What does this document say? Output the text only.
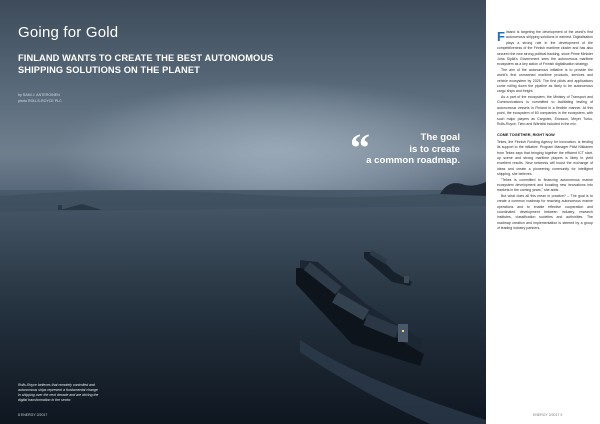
Going for Gold
FINLAND WANTS TO CREATE THE BEST AUTONOMOUS SHIPPING SOLUTIONS ON THE PLANET
by SAMI J. ANTEROINEN
photo ROLLS-ROYCE PLC
“	The goal
is to create
a common roadmap.
Rolls-Royce believes that remotely controlled and autonomous ships represent a fundamental change in shipping over the next decade and are driving the digital transformation in the sector.
8 ENERGY 2/2017

Finland is targeting the development of the world's first autonomous shipping solutions in earnest. Digitalisation plays a strong role in the development of the competitiveness of the Finnish maritime cluster and has also secured the new strong political backing, since Prime Minister Juha Sipilä's Government sees the autonomous maritime ecosystem as a key action of Finnish digitalisation strategy.

The aim of the autonomous initiative is to provide the world's first unmanned maritime products, services and vehicle ecosystem by 2025. The first pilots and applications come rolling down the pipeline as likely to be autonomous cargo ships and freight.

As a part of the ecosystem, the Ministry of Transport and Communications is committed to facilitating testing of autonomous vessels in Finland in a flexible manner. At this point, the ecosystem of 60 companies in the ecosystem, with such major players as Cargotec, Ericsson, Meyer Turku, Rolls-Royce, Tieto and Wärtsilä included in the mix.

COME TOGETHER, RIGHT NOW

Tekes, the Finnish Funding Agency for Innovation, is lending its support to the initiative. Program Manager Päivi Nikkanen from Tekes says that bringing together the efficient ICT start-up scene and strong maritime players is likely to yield excellent results. New networks will boost the exchange of ideas and create a pioneering community for intelligent shipping, she believes.

"Tekes is committed to financing autonomous marine ecosystem development and boosting new innovations into markets in the coming years," she adds.

But what does all this mean in practice? – The goal is to create a common roadmap for reaching autonomous marine operations and to enable effective cooperation and coordinated development between industry, research institutes, classification societies and authorities. The roadmap creation and implementation is steered by a group of leading industry partners.

ENERGY 2/2017 9
